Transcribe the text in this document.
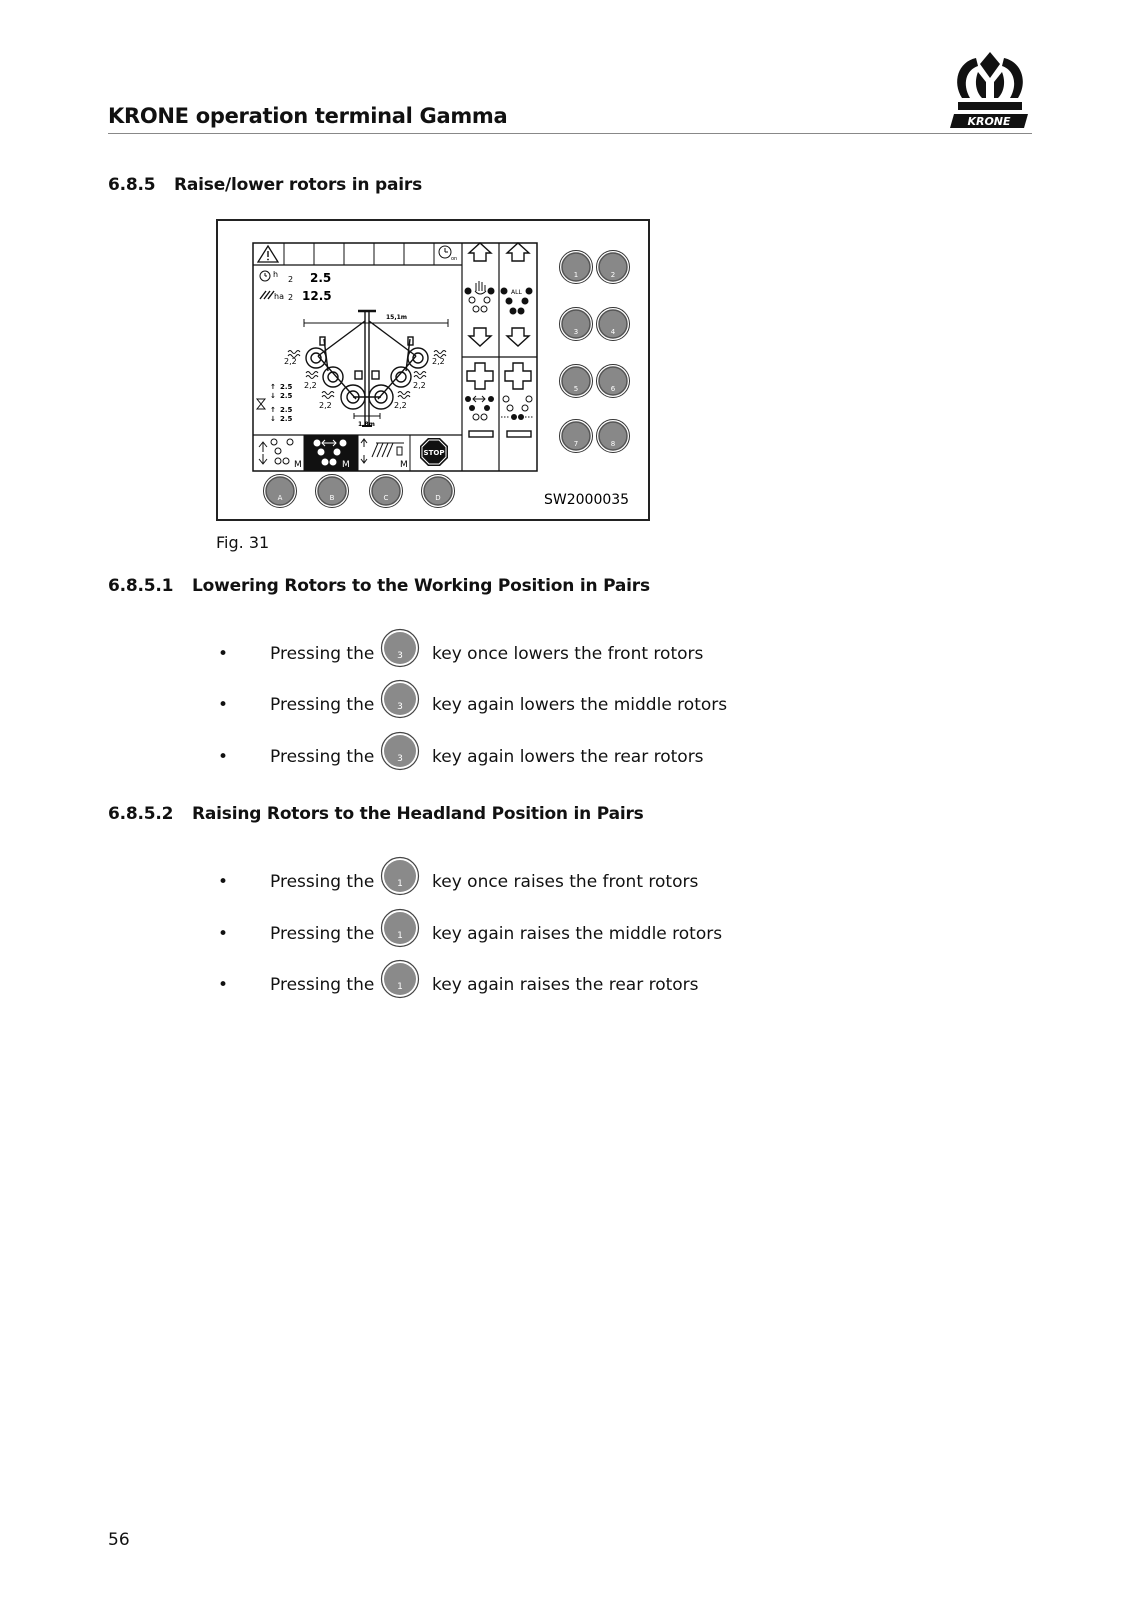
KRONE operation terminal Gamma	KRONE
6.8.5 Raise/lower rotors in pairs
on
h
2 2.5
ha 2 12.5
15,1m
2,2	2,2
2,2	2,2
2,2	2,2
1,8m
↑ 2.5
↓ 2.5
↑ 2.5
↓ 2.5
M	M	M
STOP
ALL
1	2
3	4
5	6
7	8
A	B	C	D	SW2000035
Fig. 31
6.8.5.1 Lowering Rotors to the Working Position in Pairs
• Pressing the	3 key once lowers the front rotors
• Pressing the	3 key again lowers the middle rotors
• Pressing the	3 key again lowers the rear rotors
6.8.5.2 Raising Rotors to the Headland Position in Pairs
• Pressing the	1 key once raises the front rotors
• Pressing the	1 key again raises the middle rotors
• Pressing the	1 key again raises the rear rotors
56
